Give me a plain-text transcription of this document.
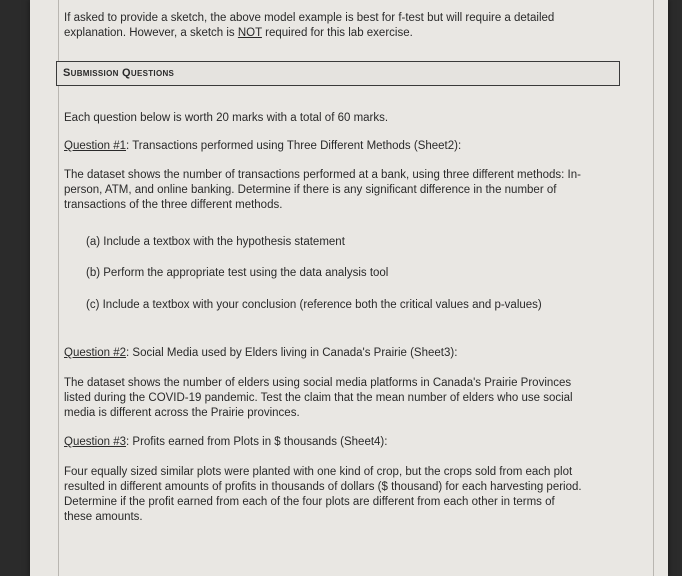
If asked to provide a sketch, the above model example is best for f-test but will require a detailed
explanation. However, a sketch is NOT required for this lab exercise.
Submission Questions
Each question below is worth 20 marks with a total of 60 marks.
Question #1: Transactions performed using Three Different Methods (Sheet2):
The dataset shows the number of transactions performed at a bank, using three different methods: In-
person, ATM, and online banking. Determine if there is any significant difference in the number of
transactions of the three different methods.
(a) Include a textbox with the hypothesis statement
(b) Perform the appropriate test using the data analysis tool
(c) Include a textbox with your conclusion (reference both the critical values and p-values)
Question #2: Social Media used by Elders living in Canada's Prairie (Sheet3):
The dataset shows the number of elders using social media platforms in Canada's Prairie Provinces
listed during the COVID-19 pandemic. Test the claim that the mean number of elders who use social
media is different across the Prairie provinces.
Question #3: Profits earned from Plots in $ thousands (Sheet4):
Four equally sized similar plots were planted with one kind of crop, but the crops sold from each plot
resulted in different amounts of profits in thousands of dollars ($ thousand) for each harvesting period.
Determine if the profit earned from each of the four plots are different from each other in terms of
these amounts.
